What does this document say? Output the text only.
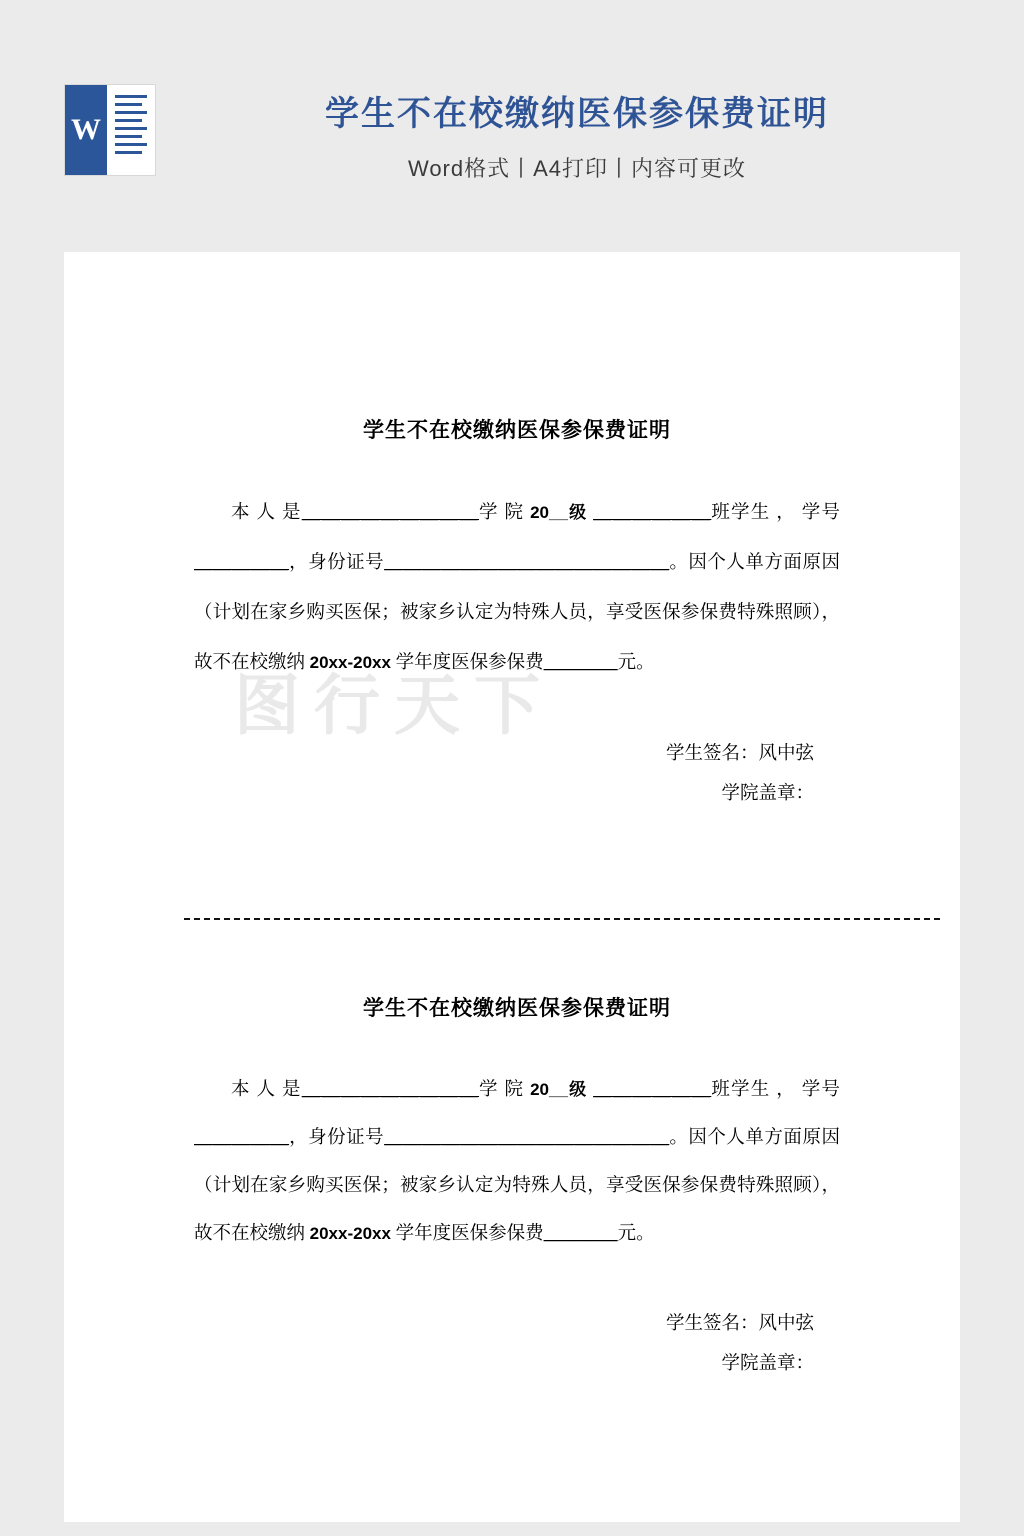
W	学生不在校缴纳医保参保费证明
Word格式丨A4打印丨内容可更改
图行天下
学生不在校缴纳医保参保费证明
本 人 是＿＿＿＿＿＿＿＿＿学 院 20__级 ＿＿＿＿＿＿班学生 ， 学号＿＿＿＿＿，身份证号＿＿＿＿＿＿＿＿＿＿＿＿＿＿＿。因个人单方面原因（计划在家乡购买医保；被家乡认定为特殊人员，享受医保参保费特殊照顾），故不在校缴纳 20xx-20xx 学年度医保参保费＿＿＿＿元。
学生签名：风中弦
学院盖章：
学生不在校缴纳医保参保费证明
本 人 是＿＿＿＿＿＿＿＿＿学 院 20__级 ＿＿＿＿＿＿班学生 ， 学号＿＿＿＿＿，身份证号＿＿＿＿＿＿＿＿＿＿＿＿＿＿＿。因个人单方面原因（计划在家乡购买医保；被家乡认定为特殊人员，享受医保参保费特殊照顾），故不在校缴纳 20xx-20xx 学年度医保参保费＿＿＿＿元。
学生签名：风中弦
学院盖章：
